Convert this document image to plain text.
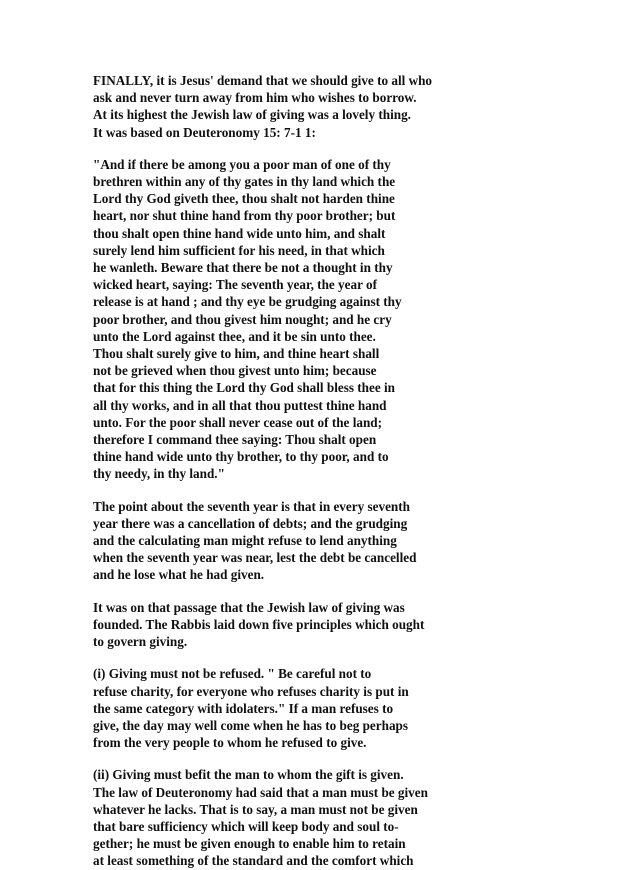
FINALLY, it is Jesus' demand that we should give to all who
ask and never turn away from him who wishes to borrow.
At its highest the Jewish law of giving was a lovely thing.
It was based on Deuteronomy 15: 7-1 1:

"And if there be among you a poor man of one of thy
brethren within any of thy gates in thy land which the
Lord thy God giveth thee, thou shalt not harden thine
heart, nor shut thine hand from thy poor brother; but
thou shalt open thine hand wide unto him, and shalt
surely lend him sufficient for his need, in that which
he wanleth. Beware that there be not a thought in thy
wicked heart, saying: The seventh year, the year of
release is at hand ; and thy eye be grudging against thy
poor brother, and thou givest him nought; and he cry
unto the Lord against thee, and it be sin unto thee.
Thou shalt surely give to him, and thine heart shall
not be grieved when thou givest unto him; because
that for this thing the Lord thy God shall bless thee in
all thy works, and in all that thou puttest thine hand
unto. For the poor shall never cease out of the land;
therefore I command thee saying: Thou shalt open
thine hand wide unto thy brother, to thy poor, and to
thy needy, in thy land."

The point about the seventh year is that in every seventh
year there was a cancellation of debts; and the grudging
and the calculating man might refuse to lend anything
when the seventh year was near, lest the debt be cancelled
and he lose what he had given.

It was on that passage that the Jewish law of giving was
founded. The Rabbis laid down five principles which ought
to govern giving.

(i) Giving must not be refused. " Be careful not to
refuse charity, for everyone who refuses charity is put in
the same category with idolaters." If a man refuses to
give, the day may well come when he has to beg perhaps
from the very people to whom he refused to give.

(ii) Giving must befit the man to whom the gift is given.
The law of Deuteronomy had said that a man must be given
whatever he lacks. That is to say, a man must not be given
that bare sufficiency which will keep body and soul to-
gether; he must be given enough to enable him to retain
at least something of the standard and the comfort which
